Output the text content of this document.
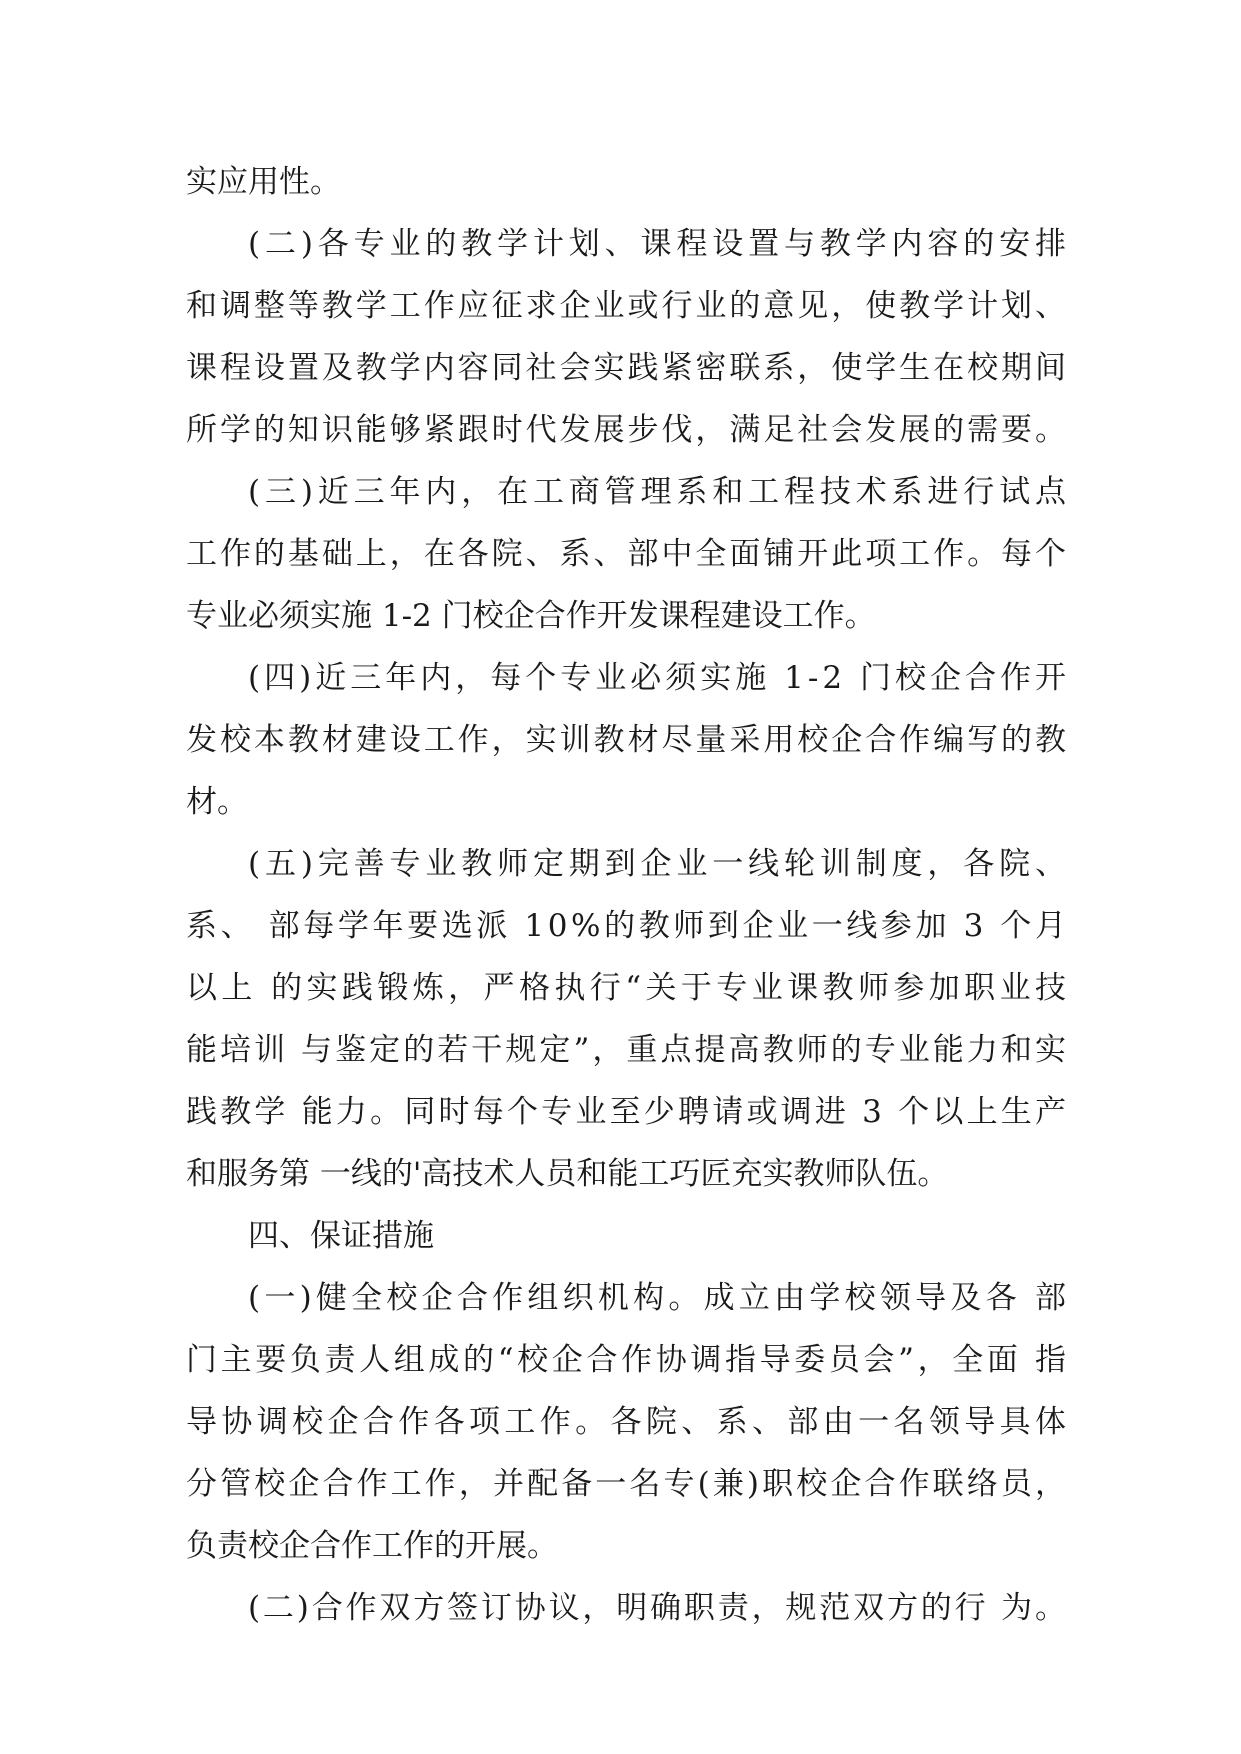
实应用性。
(二)各专业的教学计划、课程设置与教学内容的安排
和调整等教学工作应征求企业或行业的意见，使教学计划、
课程设置及教学内容同社会实践紧密联系，使学生在校期间
所学的知识能够紧跟时代发展步伐，满足社会发展的需要。
(三)近三年内，在工商管理系和工程技术系进行试点
工作的基础上，在各院、系、部中全面铺开此项工作。每个
专业必须实施 1-2 门校企合作开发课程建设工作。
(四)近三年内，每个专业必须实施 1-2 门校企合作开
发校本教材建设工作，实训教材尽量采用校企合作编写的教
材。
(五)完善专业教师定期到企业一线轮训制度，各院、
系、 部每学年要选派 10%的教师到企业一线参加 3 个月
以上 的实践锻炼，严格执行“关于专业课教师参加职业技
能培训 与鉴定的若干规定”，重点提高教师的专业能力和实
践教学 能力。同时每个专业至少聘请或调进 3 个以上生产
和服务第 一线的'高技术人员和能工巧匠充实教师队伍。
四、保证措施
(一)健全校企合作组织机构。成立由学校领导及各 部
门主要负责人组成的“校企合作协调指导委员会”，全面 指
导协调校企合作各项工作。各院、系、部由一名领导具体
分管校企合作工作，并配备一名专(兼)职校企合作联络员，
负责校企合作工作的开展。
(二)合作双方签订协议，明确职责，规范双方的行 为。
